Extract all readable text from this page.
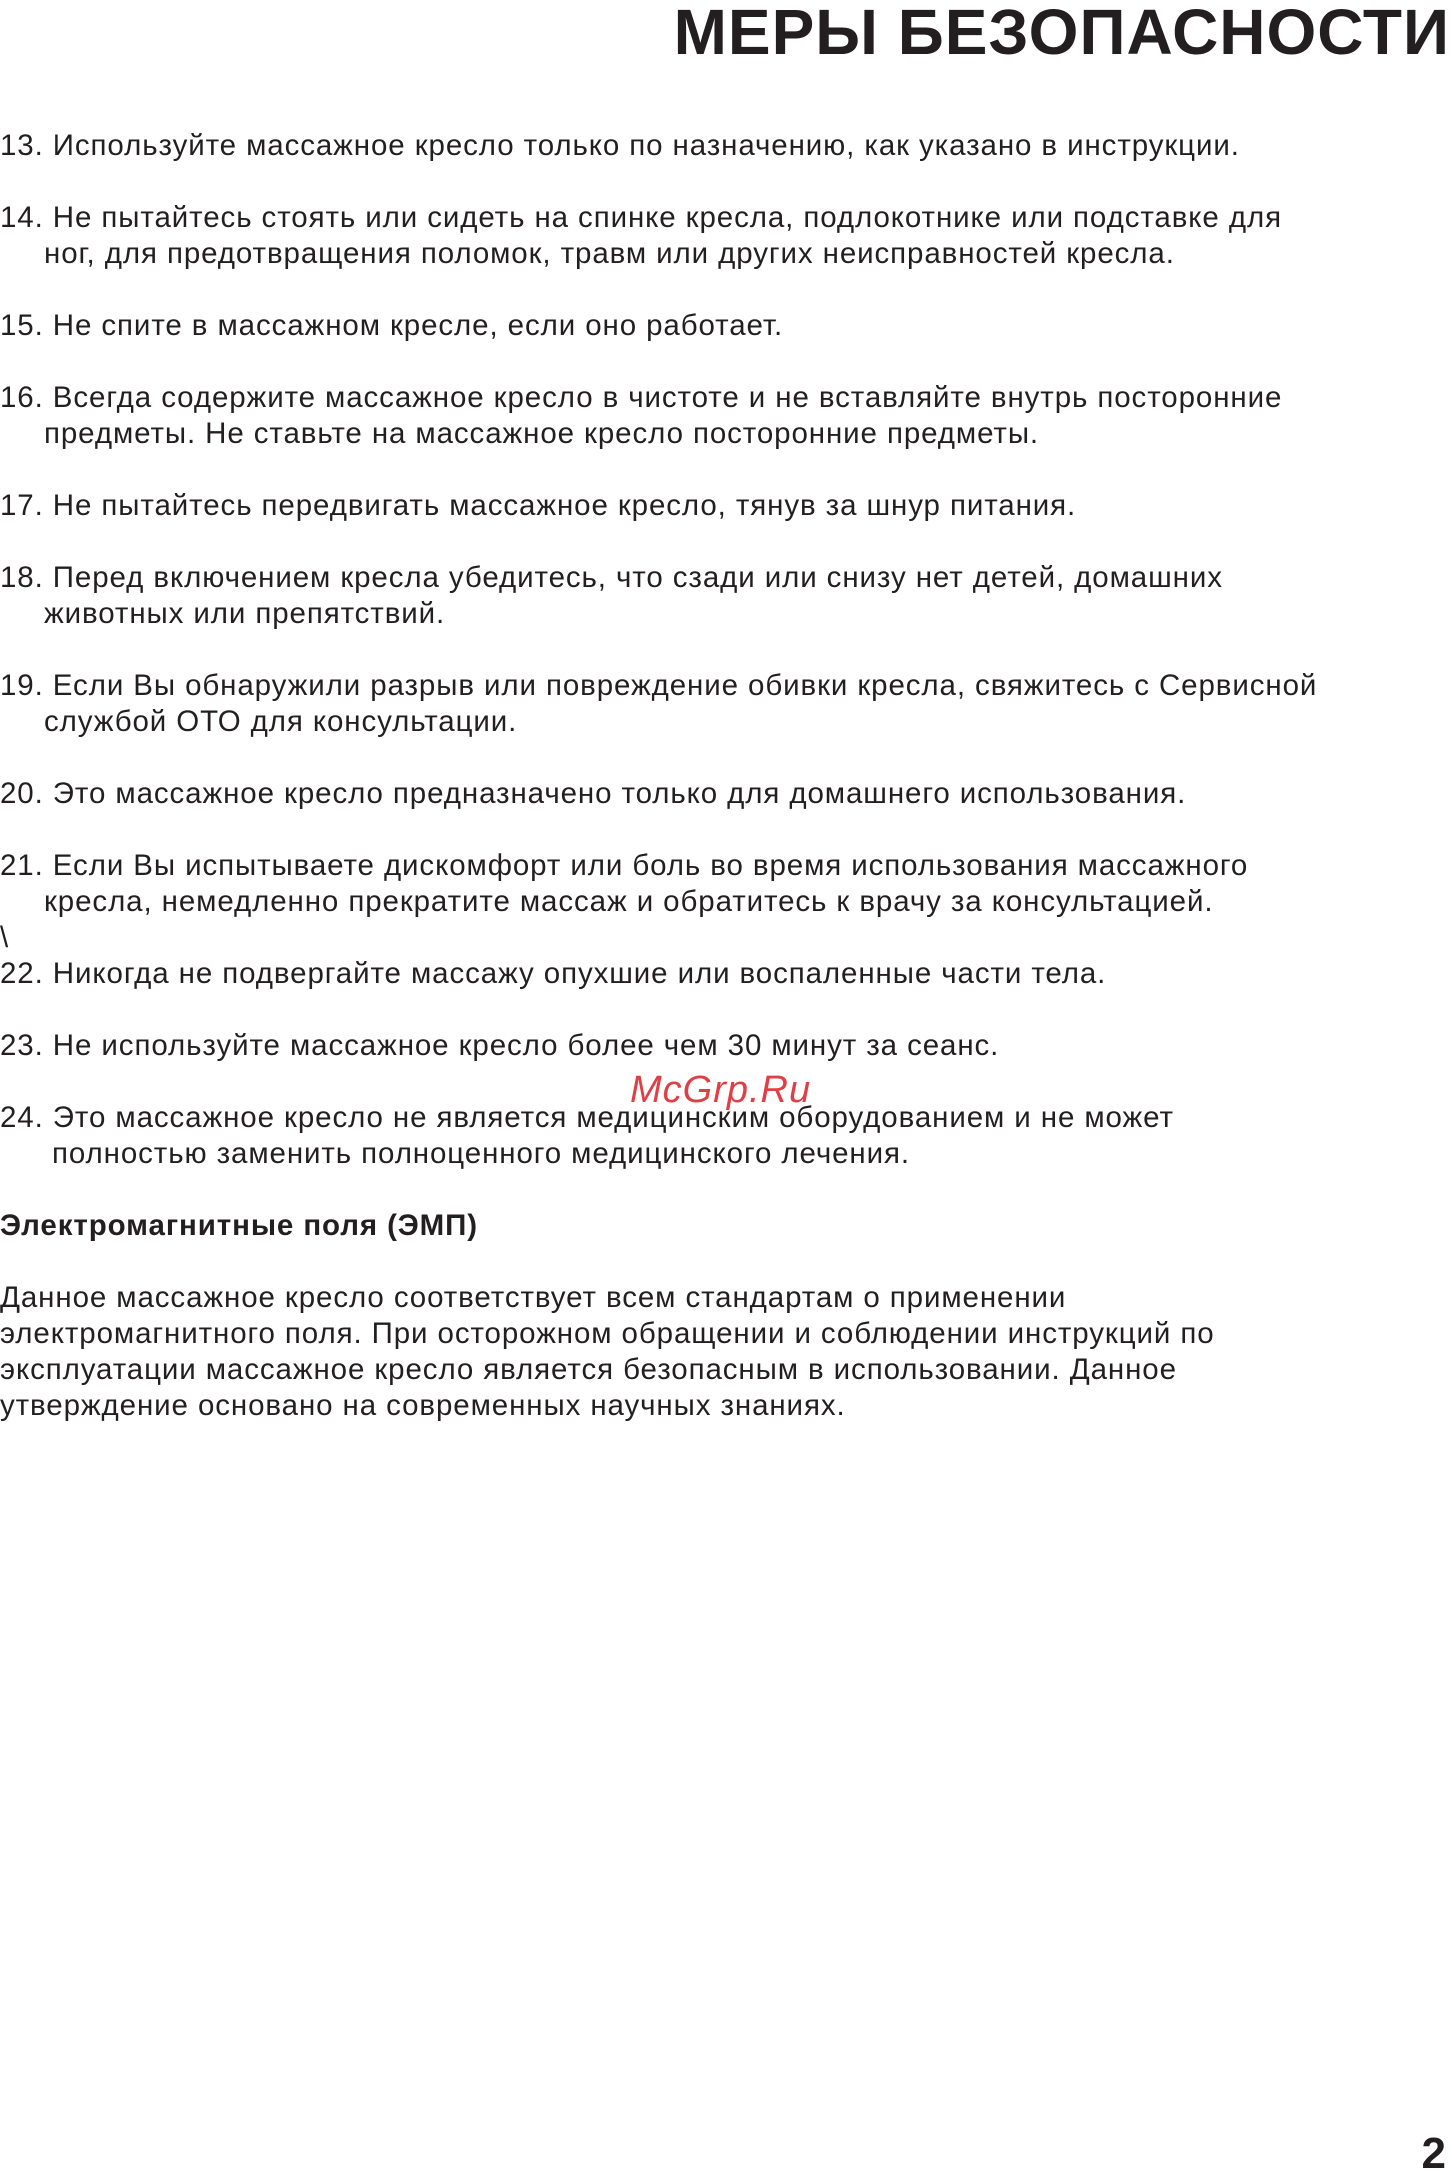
МЕРЫ БЕЗОПАСНОСТИ
13. Используйте массажное кресло только по назначению, как указано в инструкции.
14. Не пытайтесь стоять или сидеть на спинке кресла, подлокотнике или подставке для
ног, для предотвращения поломок, травм или других неисправностей кресла.
15. Не спите в массажном кресле, если оно работает.
16. Всегда содержите массажное кресло в чистоте и не вставляйте внутрь посторонние
предметы. Не ставьте на массажное кресло посторонние предметы.
17. Не пытайтесь передвигать массажное кресло, тянув за шнур питания.
18. Перед включением кресла убедитесь, что сзади или снизу нет детей, домашних
животных или препятствий.
19. Если Вы обнаружили разрыв или повреждение обивки кресла, свяжитесь с Сервисной
службой ОТО для консультации.
20. Это массажное кресло предназначено только для домашнего использования.
21. Если Вы испытываете дискомфорт или боль во время использования массажного
кресла, немедленно прекратите массаж и обратитесь к врачу за консультацией.
\
22. Никогда не подвергайте массажу опухшие или воспаленные части тела.
23. Не используйте массажное кресло более чем 30 минут за сеанс.
24. Это массажное кресло не является медицинским оборудованием и не может
полностью заменить полноценного медицинского лечения.
Электромагнитные поля (ЭМП)
Данное массажное кресло соответствует всем стандартам о применении
электромагнитного поля. При осторожном обращении и соблюдении инструкций по
эксплуатации массажное кресло является безопасным в использовании. Данное
утверждение основано на современных научных знаниях.
McGrp.Ru
2
